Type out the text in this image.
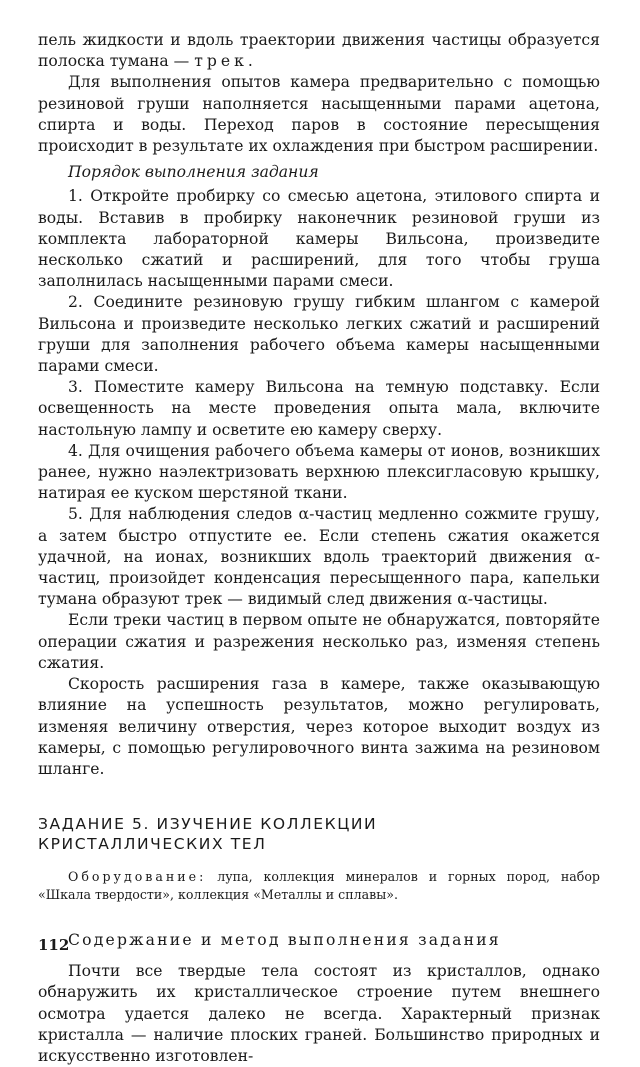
пель жидкости и вдоль траектории движения частицы образуется полоска тумана — трек.

Для выполнения опытов камера предварительно с помощью резиновой груши наполняется насыщенными парами ацетона, спирта и воды. Переход паров в состояние пересыщения происходит в результате их охлаждения при быстром расширении.

Порядок выполнения задания

1. Откройте пробирку со смесью ацетона, этилового спирта и воды. Вставив в пробирку наконечник резиновой груши из комплекта лабораторной камеры Вильсона, произведите несколько сжатий и расширений, для того чтобы груша заполнилась насыщенными парами смеси.

2. Соедините резиновую грушу гибким шлангом с камерой Вильсона и произведите несколько легких сжатий и расширений груши для заполнения рабочего объема камеры насыщенными парами смеси.

3. Поместите камеру Вильсона на темную подставку. Если освещенность на месте проведения опыта мала, включите настольную лампу и осветите ею камеру сверху.

4. Для очищения рабочего объема камеры от ионов, возникших ранее, нужно наэлектризовать верхнюю плексигласовую крышку, натирая ее куском шерстяной ткани.

5. Для наблюдения следов α-частиц медленно сожмите грушу, а затем быстро отпустите ее. Если степень сжатия окажется удачной, на ионах, возникших вдоль траекторий движения α-частиц, произойдет конденсация пересыщенного пара, капельки тумана образуют трек — видимый след движения α-частицы.

Если треки частиц в первом опыте не обнаружатся, повторяйте операции сжатия и разрежения несколько раз, изменяя степень сжатия.

Скорость расширения газа в камере, также оказывающую влияние на успешность результатов, можно регулировать, изменяя величину отверстия, через которое выходит воздух из камеры, с помощью регулировочного винта зажима на резиновом шланге.

ЗАДАНИЕ 5. ИЗУЧЕНИЕ КОЛЛЕКЦИИ
КРИСТАЛЛИЧЕСКИХ ТЕЛ

Оборудование: лупа, коллекция минералов и горных пород, набор «Шкала твердости», коллекция «Металлы и сплавы».

Содержание и метод выполнения задания

Почти все твердые тела состоят из кристаллов, однако обнаружить их кристаллическое строение путем внешнего осмотра удается далеко не всегда. Характерный признак кристалла — наличие плоских граней. Большинство природных и искусственно изготовлен-

112
